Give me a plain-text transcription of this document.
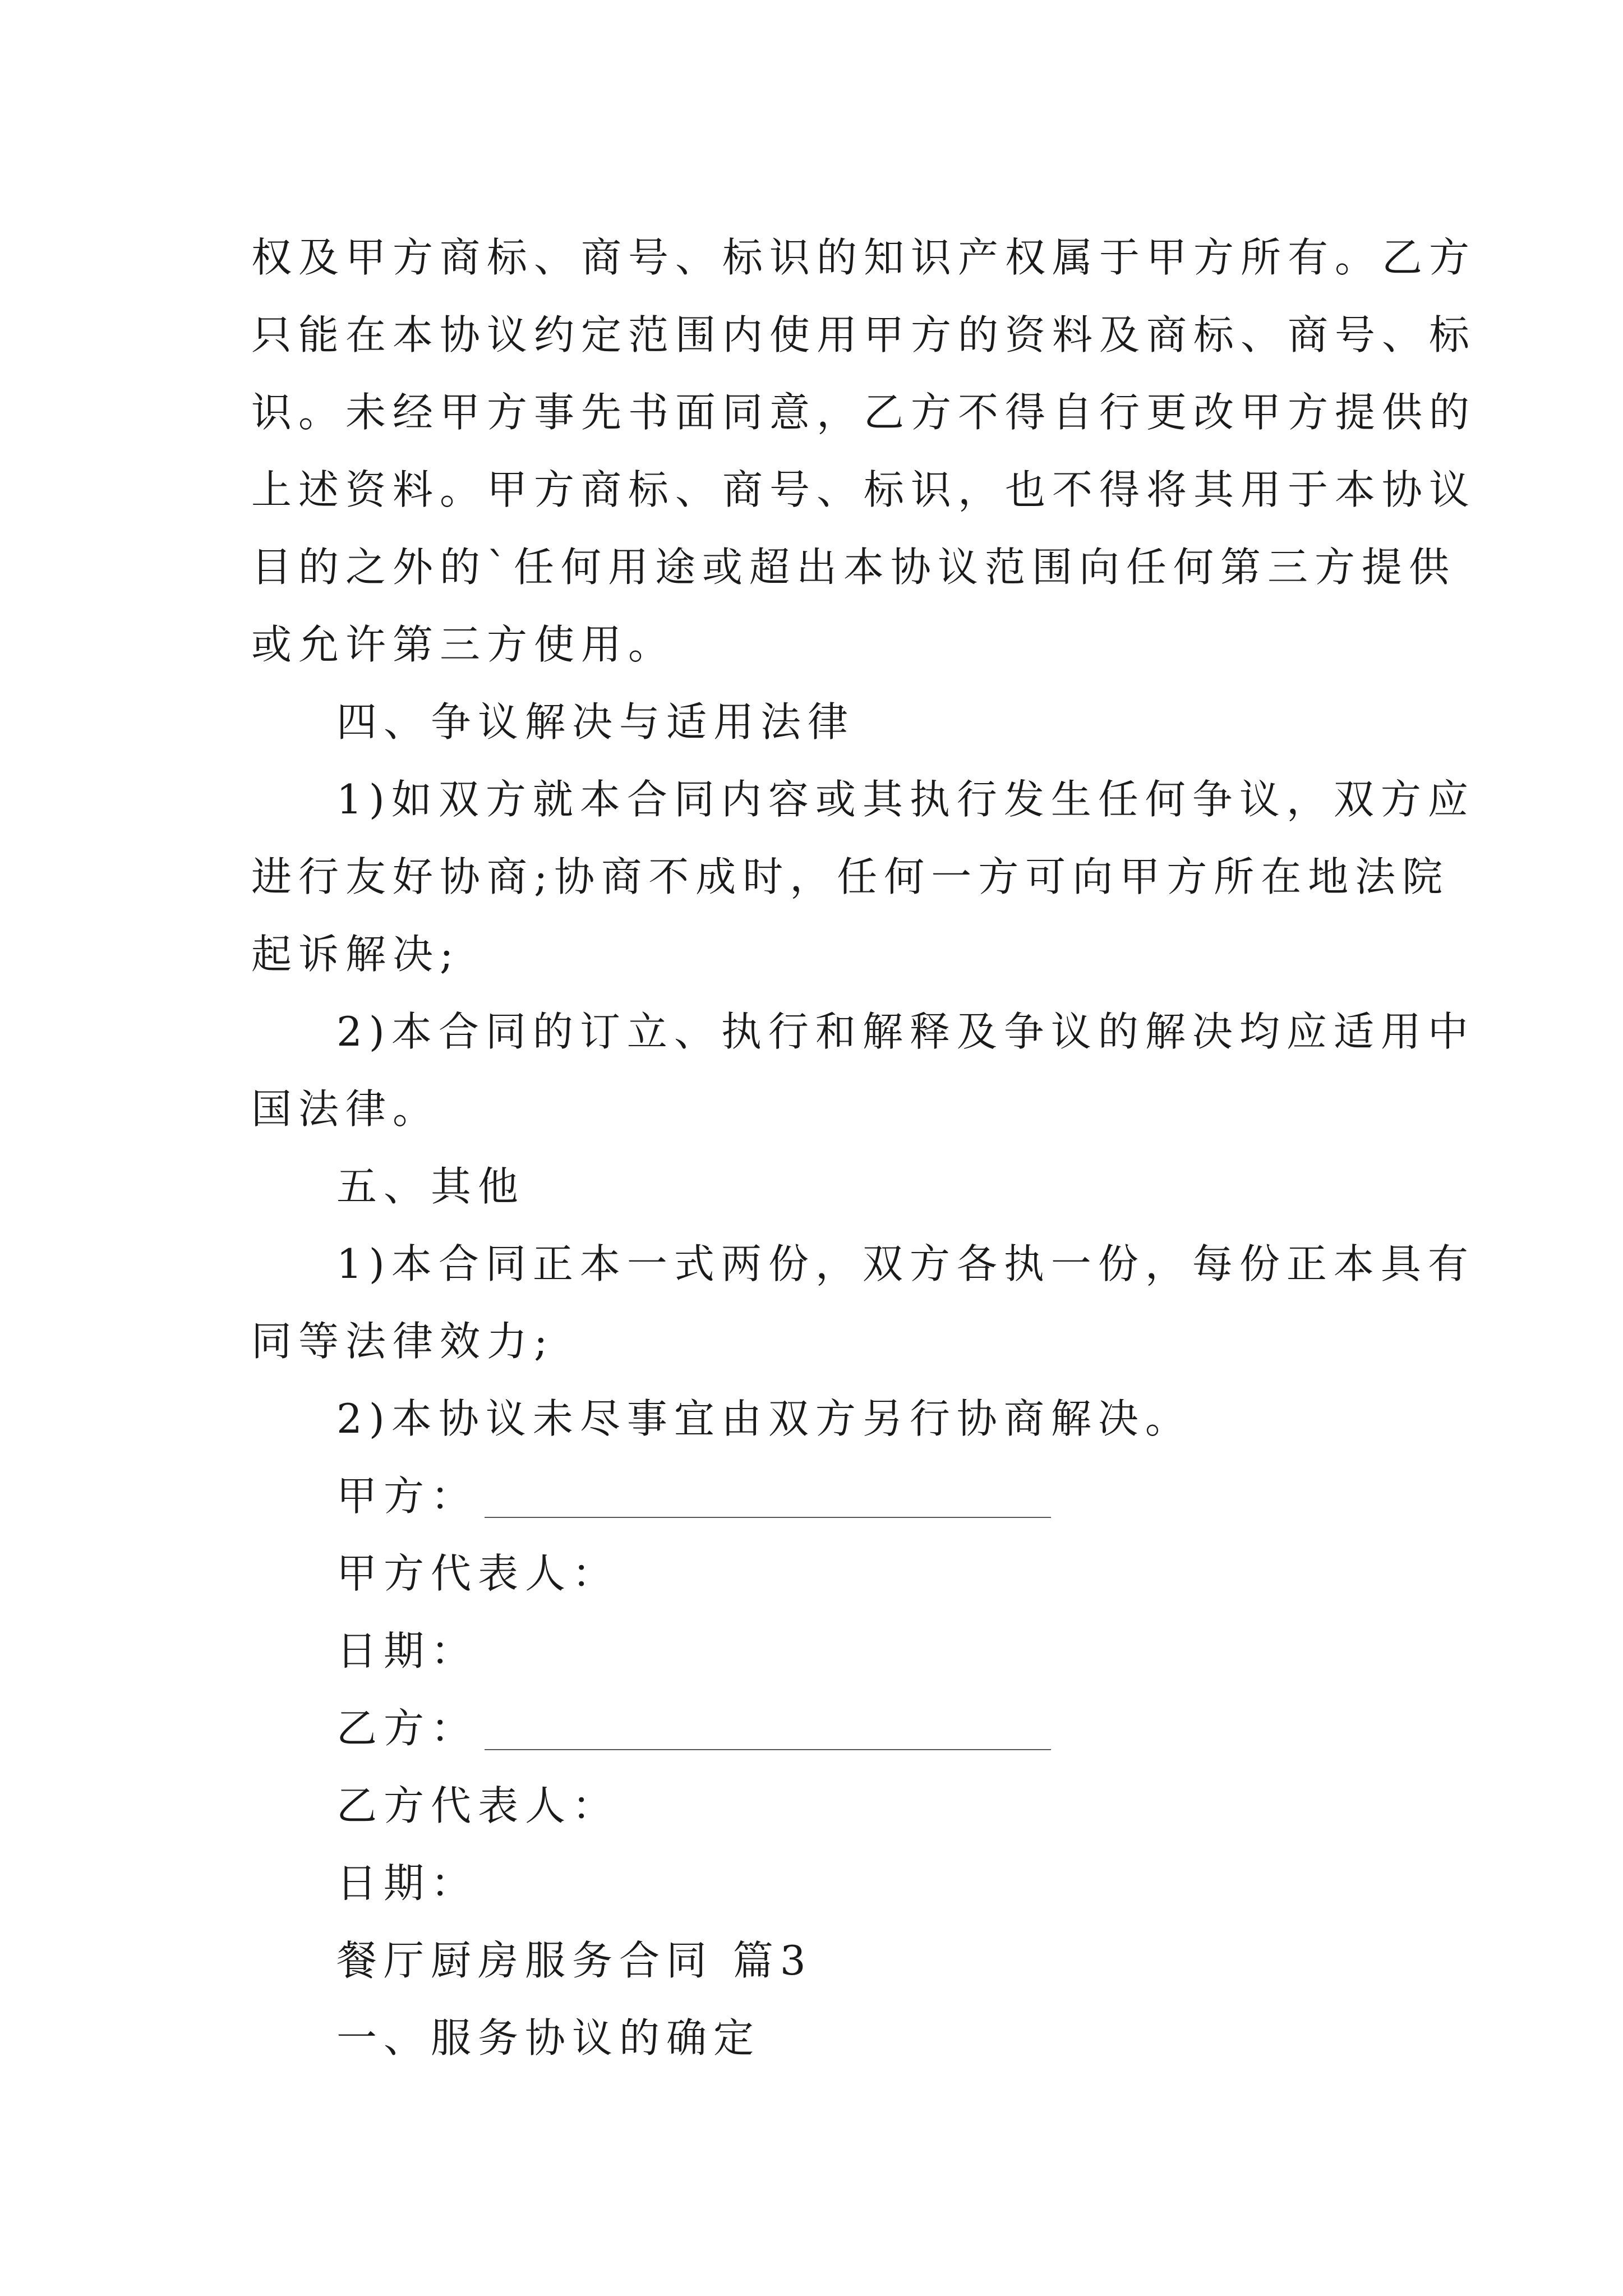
权及甲方商标、商号、标识的知识产权属于甲方所有。乙方
只能在本协议约定范围内使用甲方的资料及商标、商号、标
识。未经甲方事先书面同意，乙方不得自行更改甲方提供的
上述资料。甲方商标、商号、标识，也不得将其用于本协议
目的之外的`任何用途或超出本协议范围向任何第三方提供
或允许第三方使用。
四、争议解决与适用法律
1)如双方就本合同内容或其执行发生任何争议，双方应
进行友好协商;协商不成时，任何一方可向甲方所在地法院
起诉解决;
2)本合同的订立、执行和解释及争议的解决均应适用中
国法律。
五、其他
1)本合同正本一式两份，双方各执一份，每份正本具有
同等法律效力;
2)本协议未尽事宜由双方另行协商解决。
甲方：
甲方代表人：
日期：
乙方：
乙方代表人：
日期：
餐厅厨房服务合同 篇3
一、服务协议的确定
